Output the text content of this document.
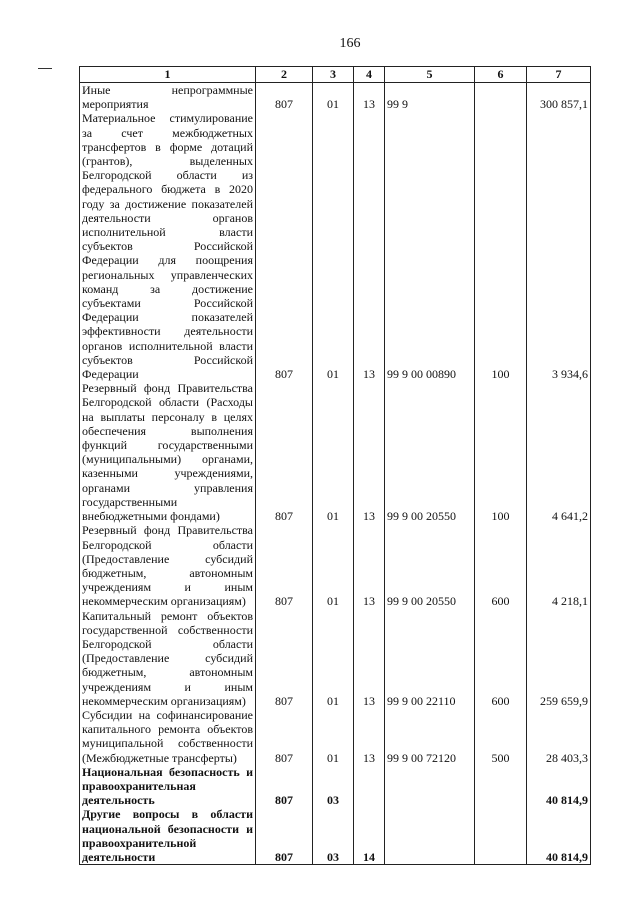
166
1	2	3	4	5	6	7
Иные непрограммные мероприятия	807	01	13	99 9		300 857,1
Материальное стимулирование за счет межбюджетных трансфертов в форме дотаций (грантов), выделенных Белгородской области из федерального бюджета в 2020 году за достижение показателей деятельности органов исполнительной власти субъектов Российской Федерации для поощрения региональных управленческих команд за достижение субъектами Российской Федерации показателей эффективности деятельности органов исполнительной власти субъектов Российской Федерации	807	01	13	99 9 00 00890	100	3 934,6
Резервный фонд Правительства Белгородской области (Расходы на выплаты персоналу в целях обеспечения выполнения функций государственными (муниципальными) органами, казенными учреждениями, органами управления государственными внебюджетными фондами)	807	01	13	99 9 00 20550	100	4 641,2
Резервный фонд Правительства Белгородской области (Предоставление субсидий бюджетным, автономным учреждениям и иным некоммерческим организациям)	807	01	13	99 9 00 20550	600	4 218,1
Капитальный ремонт объектов государственной собственности Белгородской области (Предоставление субсидий бюджетным, автономным учреждениям и иным некоммерческим организациям)	807	01	13	99 9 00 22110	600	259 659,9
Субсидии на софинансирование капитального ремонта объектов муниципальной собственности (Межбюджетные трансферты)	807	01	13	99 9 00 72120	500	28 403,3
Национальная безопасность и правоохранительная деятельность	807	03				40 814,9
Другие вопросы в области национальной безопасности и правоохранительной деятельности	807	03	14			40 814,9
